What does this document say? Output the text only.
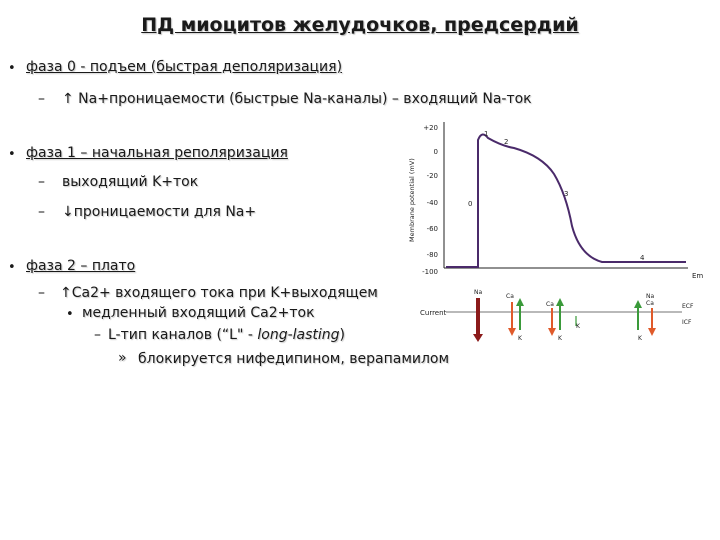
ПД миоцитов желудочков, предсердий
• фаза 0 - подъем (быстрая деполяризация)
– ↑ Na+проницаемости (быстрые Na-каналы) – входящий Na-ток
• фаза 1 – начальная реполяризация
– выходящий K+ток
– ↓проницаемости для Na+
• фаза 2 – плато
– ↑Ca2+ входящего тока при K+выходящем
• медленный входящий Ca2+ток
– L-тип каналов (“L" - long-lasting)
» блокируется нифедипином, верапамилом
Membrane potential (mV)
+20
0
-20
-40
-60
-80
-100
0
1
2
3
4
Em
Current
ECF
ICF
Na
Ca
K
Ca
K
K
Na
Ca
K
